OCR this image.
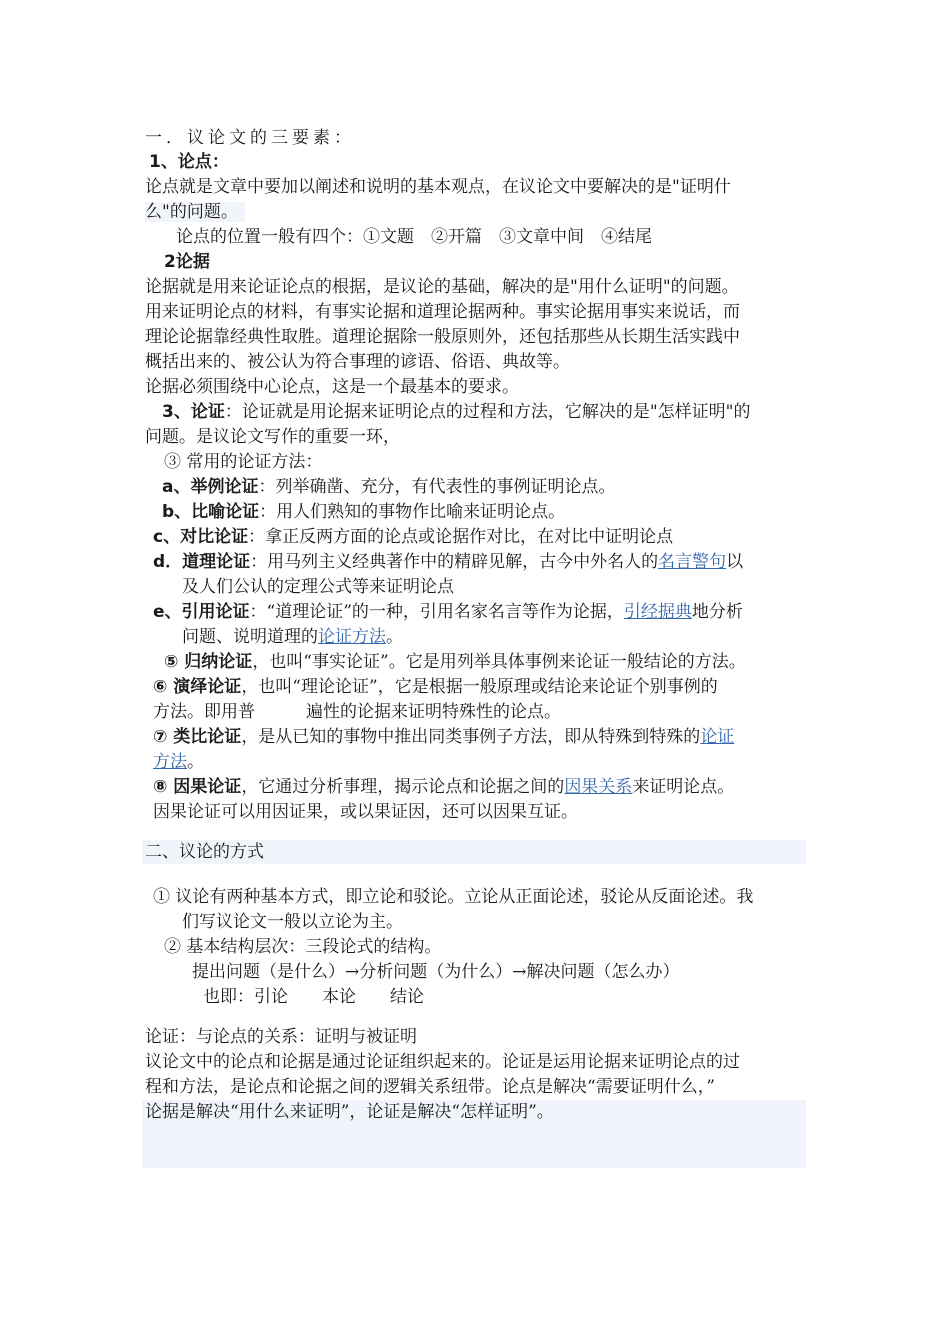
一．议论文的三要素：
1、论点：
论点就是文章中要加以阐述和说明的基本观点，在议论文中要解决的是"证明什
么"的问题。
论点的位置一般有四个：①文题　②开篇　③文章中间　④结尾
2论据
论据就是用来论证论点的根据，是议论的基础，解决的是"用什么证明"的问题。
用来证明论点的材料，有事实论据和道理论据两种。事实论据用事实来说话，而
理论论据靠经典性取胜。道理论据除一般原则外，还包括那些从长期生活实践中
概括出来的、被公认为符合事理的谚语、俗语、典故等。
论据必须围绕中心论点，这是一个最基本的要求。
3、论证：论证就是用论据来证明论点的过程和方法，它解决的是"怎样证明"的
问题。是议论文写作的重要一环，
③ 常用的论证方法：
a、举例论证：列举确凿、充分，有代表性的事例证明论点。
b、比喻论证：用人们熟知的事物作比喻来证明论点。
c、对比论证：拿正反两方面的论点或论据作对比，在对比中证明论点
d．道理论证：用马列主义经典著作中的精辟见解，古今中外名人的名言警句以
及人们公认的定理公式等来证明论点
e、引用论证：“道理论证”的一种，引用名家名言等作为论据，引经据典地分析
问题、说明道理的论证方法。
⑤ 归纳论证，也叫“事实论证”。它是用列举具体事例来论证一般结论的方法。
⑥ 演绎论证，也叫“理论论证”，它是根据一般原理或结论来论证个别事例的
方法。即用普　　　遍性的论据来证明特殊性的论点。
⑦ 类比论证，是从已知的事物中推出同类事例子方法，即从特殊到特殊的论证
方法。
⑧ 因果论证，它通过分析事理，揭示论点和论据之间的因果关系来证明论点。
因果论证可以用因证果，或以果证因，还可以因果互证。
二、议论的方式
① 议论有两种基本方式，即立论和驳论。立论从正面论述，驳论从反面论述。我
们写议论文一般以立论为主。
② 基本结构层次：三段论式的结构。
提出问题（是什么）→分析问题（为什么）→解决问题（怎么办）
也即：引论　　本论　　结论
论证：与论点的关系：证明与被证明
议论文中的论点和论据是通过论证组织起来的。论证是运用论据来证明论点的过
程和方法，是论点和论据之间的逻辑关系纽带。论点是解决“需要证明什么，”
论据是解决“用什么来证明”，论证是解决“怎样证明”。
